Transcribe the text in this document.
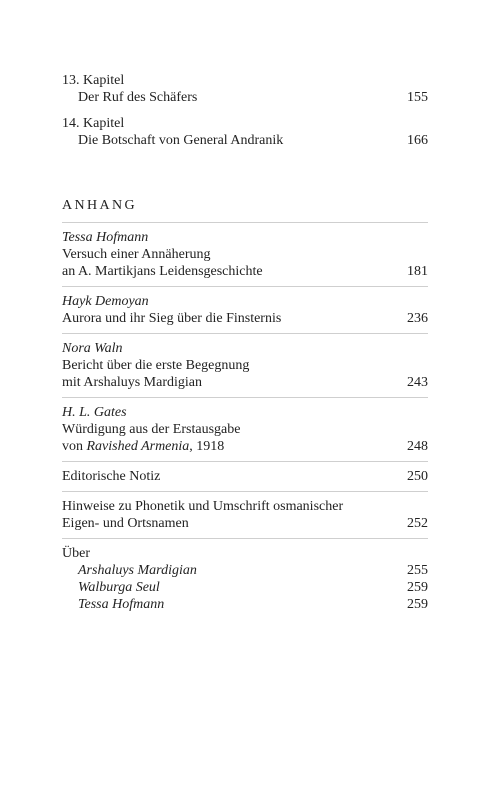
13. Kapitel
Der Ruf des Schäfers	155
14. Kapitel
Die Botschaft von General Andranik	166
ANHANG
Tessa Hofmann
Versuch einer Annäherung
an A. Martikjans Leidensgeschichte	181
Hayk Demoyan
Aurora und ihr Sieg über die Finsternis	236
Nora Waln
Bericht über die erste Begegnung
mit Arshaluys Mardigian	243
H. L. Gates
Würdigung aus der Erstausgabe
von Ravished Armenia, 1918	248
Editorische Notiz	250
Hinweise zu Phonetik und Umschrift osmanischer
Eigen- und Ortsnamen	252
Über
Arshaluys Mardigian	255
Walburga Seul	259
Tessa Hofmann	259
